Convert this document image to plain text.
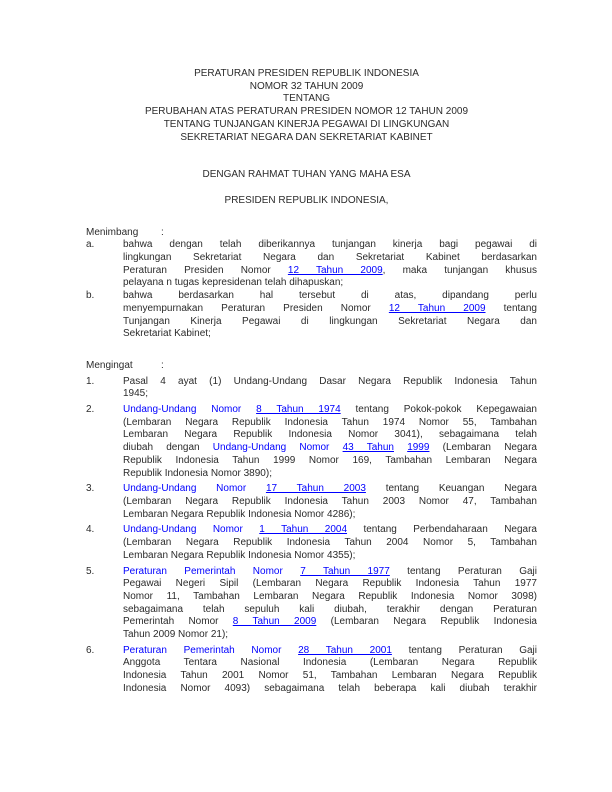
PERATURAN PRESIDEN REPUBLIK INDONESIA
NOMOR 32 TAHUN 2009
TENTANG
PERUBAHAN ATAS PERATURAN PRESIDEN NOMOR 12 TAHUN 2009
TENTANG TUNJANGAN KINERJA PEGAWAI DI LINGKUNGAN
SEKRETARIAT NEGARA DAN SEKRETARIAT KABINET
DENGAN RAHMAT TUHAN YANG MAHA ESA
PRESIDEN REPUBLIK INDONESIA,
Menimbang	:
a.	bahwa dengan telah diberikannya tunjangan kinerja bagi pegawai di
lingkungan Sekretariat Negara dan Sekretariat Kabinet berdasarkan
Peraturan Presiden Nomor 12 Tahun 2009, maka tunjangan khusus
pelayana n tugas kepresidenan telah dihapuskan;
b.	bahwa berdasarkan hal tersebut di atas, dipandang perlu
menyempurnakan Peraturan Presiden Nomor 12 Tahun 2009 tentang
Tunjangan Kinerja Pegawai di lingkungan Sekretariat Negara dan
Sekretariat Kabinet;
Mengingat	:
1.	Pasal 4 ayat (1) Undang-Undang Dasar Negara Republik Indonesia Tahun
1945;
2.	Undang-Undang Nomor 8 Tahun 1974 tentang Pokok-pokok Kepegawaian
(Lembaran Negara Republik Indonesia Tahun 1974 Nomor 55, Tambahan
Lembaran Negara Republik Indonesia Nomor 3041), sebagaimana telah
diubah dengan Undang-Undang Nomor 43 Tahun 1999 (Lembaran Negara
Republik Indonesia Tahun 1999 Nomor 169, Tambahan Lembaran Negara
Republik Indonesia Nomor 3890);
3.	Undang-Undang Nomor 17 Tahun 2003 tentang Keuangan Negara
(Lembaran Negara Republik Indonesia Tahun 2003 Nomor 47, Tambahan
Lembaran Negara Republik Indonesia Nomor 4286);
4.	Undang-Undang Nomor 1 Tahun 2004 tentang Perbendaharaan Negara
(Lembaran Negara Republik Indonesia Tahun 2004 Nomor 5, Tambahan
Lembaran Negara Republik Indonesia Nomor 4355);
5.	Peraturan Pemerintah Nomor 7 Tahun 1977 tentang Peraturan Gaji
Pegawai Negeri Sipil (Lembaran Negara Republik Indonesia Tahun 1977
Nomor 11, Tambahan Lembaran Negara Republik Indonesia Nomor 3098)
sebagaimana telah sepuluh kali diubah, terakhir dengan Peraturan
Pemerintah Nomor 8 Tahun 2009 (Lembaran Negara Republik Indonesia
Tahun 2009 Nomor 21);
6.	Peraturan Pemerintah Nomor 28 Tahun 2001 tentang Peraturan Gaji
Anggota Tentara Nasional Indonesia (Lembaran Negara Republik
Indonesia Tahun 2001 Nomor 51, Tambahan Lembaran Negara Republik
Indonesia Nomor 4093) sebagaimana telah beberapa kali diubah terakhir
